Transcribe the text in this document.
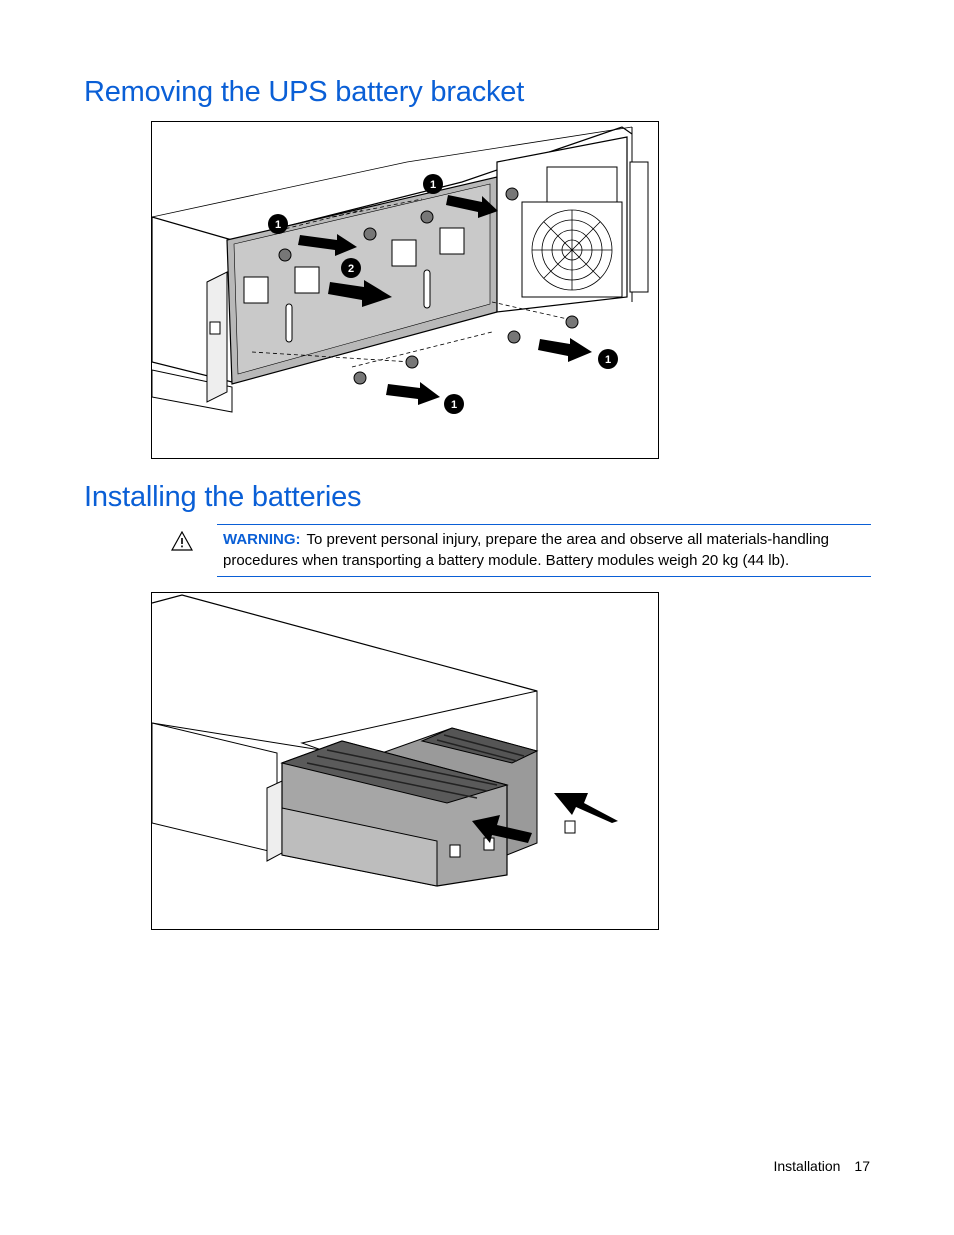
Removing the UPS battery bracket
1
1
2
1
1
Installing the batteries
WARNING: To prevent personal injury, prepare the area and observe all materials-handling procedures when transporting a battery module. Battery modules weigh 20 kg (44 lb).
Installation 17
